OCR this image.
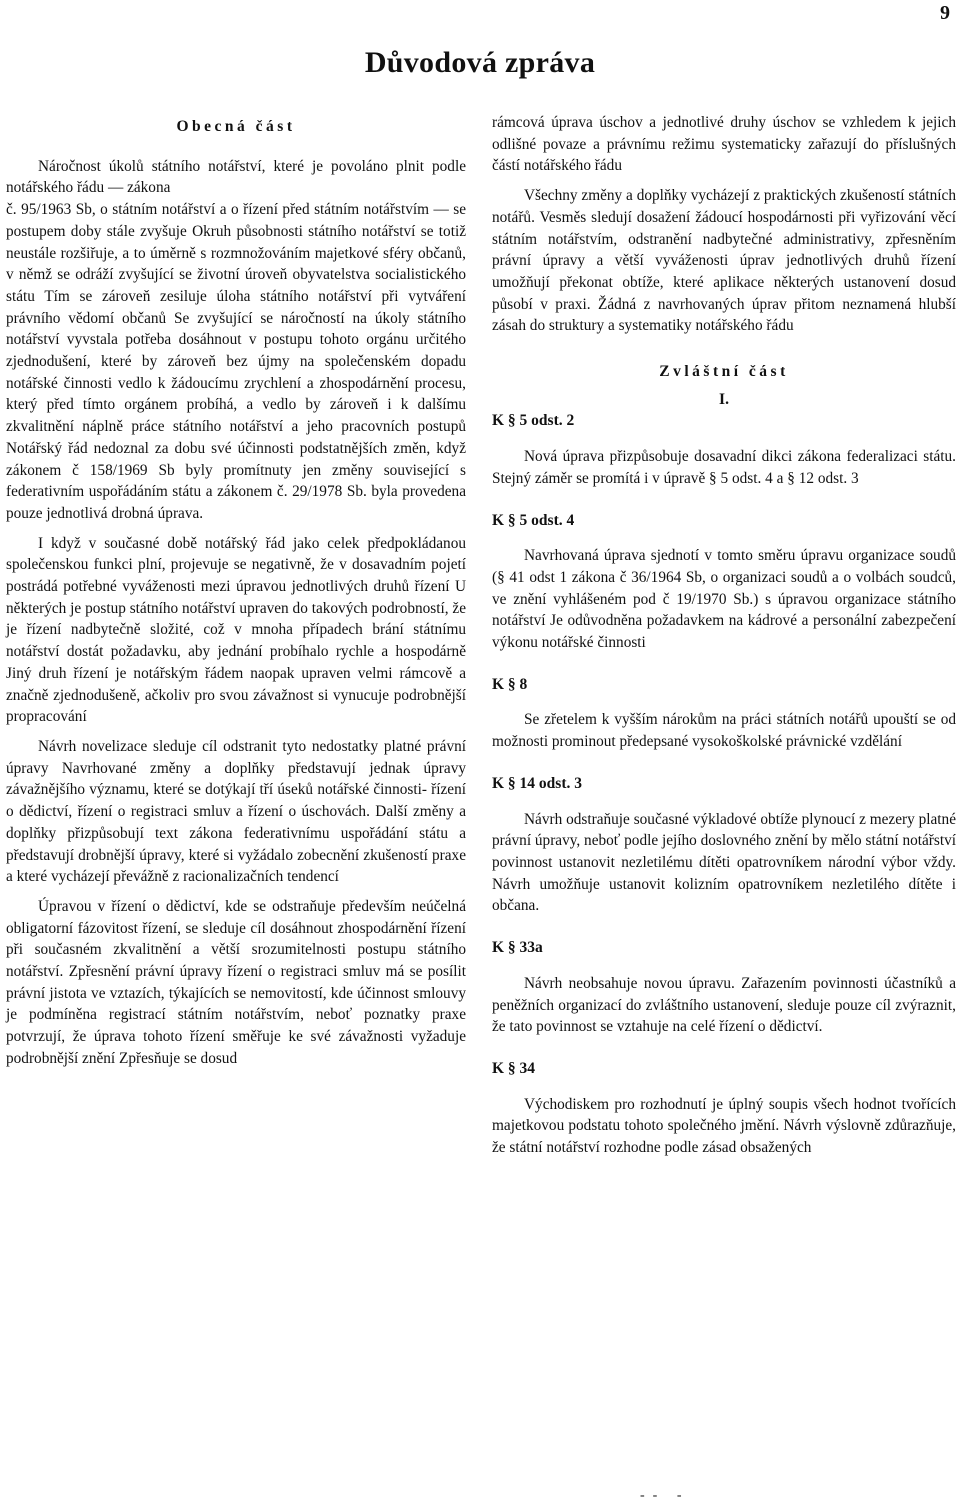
9
Důvodová zpráva
Obecná část

Náročnost úkolů státního notářství, které je povoláno plnit podle notářského řádu — zákona

č. 95/1963 Sb, o státním notářství a o řízení před státním notářstvím — se postupem doby stále zvyšuje Okruh působnosti státního notářství se totiž neustále rozšiřuje, a to úměrně s rozmnožováním majetkové sféry občanů, v němž se odráží zvyšující se životní úroveň obyvatelstva socialistického státu Tím se zároveň zesiluje úloha státního notářství při vytváření právního vědomí občanů Se zvyšující se náročností na úkoly státního notářství vyvstala potřeba dosáhnout v postupu tohoto orgánu určitého zjednodušení, které by zároveň bez újmy na společenském dopadu notářské činnosti vedlo k žádoucímu zrychlení a zhospodárnění procesu, který před tímto orgánem probíhá, a vedlo by zároveň i k dalšímu zkvalitnění náplně práce státního notářství a jeho pracovních postupů Notářský řád nedoznal za dobu své účinnosti podstatnějších změn, když zákonem č 158/1969 Sb byly promítnuty jen změny související s federativním uspořádáním státu a zákonem č. 29/1978 Sb. byla provedena pouze jednotlivá drobná úprava.

I když v současné době notářský řád jako celek předpokládanou společenskou funkci plní, projevuje se negativně, že v dosavadním pojetí postrádá potřebné vyváženosti mezi úpravou jednotlivých druhů řízení U některých je postup státního notářství upraven do takových podrobností, že je řízení nadbytečně složité, což v mnoha případech brání státnímu notářství dostát požadavku, aby jednání probíhalo rychle a hospodárně Jiný druh řízení je notářským řádem naopak upraven velmi rámcově a značně zjednodušeně, ačkoliv pro svou závažnost si vynucuje podrobnější propracování

Návrh novelizace sleduje cíl odstranit tyto nedostatky platné právní úpravy Navrhované změny a doplňky představují jednak úpravy závažnějšího významu, které se dotýkají tří úseků notářské činnosti- řízení o dědictví, řízení o registraci smluv a řízení o úschovách. Další změny a doplňky přizpůsobují text zákona federativnímu uspořádání státu a představují drobnější úpravy, které si vyžádalo zobecnění zkušeností praxe a které vycházejí převážně z racionalizačních tendencí

Úpravou v řízení o dědictví, kde se odstraňuje především neúčelná obligatorní fázovitost řízení, se sleduje cíl dosáhnout zhospodárnění řízení při současném zkvalitnění a větší srozumitelnosti postupu státního notářství. Zpřesnění právní úpravy řízení o registraci smluv má se posílit právní jistota ve vztazích, týkajících se nemovitostí, kde účinnost smlouvy je podmíněna registrací státním notářstvím, neboť poznatky praxe potvrzují, že úprava tohoto řízení směřuje ke své závažnosti vyžaduje podrobnější znění Zpřesňuje se dosud

rámcová úprava úschov a jednotlivé druhy úschov se vzhledem k jejich odlišné povaze a právnímu režimu systematicky zařazují do příslušných částí notářského řádu

Všechny změny a doplňky vycházejí z praktických zkušeností státních notářů. Vesměs sledují dosažení žádoucí hospodárnosti při vyřizování věcí státním notářstvím, odstranění nadbytečné administrativy, zpřesněním právní úpravy a větší vyváženosti úprav jednotlivých druhů řízení umožňují překonat obtíže, které aplikace některých ustanovení dosud působí v praxi. Žádná z navrhovaných úprav přitom neznamená hlubší zásah do struktury a systematiky notářského řádu

Zvláštní část
I.
K § 5 odst. 2

Nová úprava přizpůsobuje dosavadní dikci zákona federalizaci státu. Stejný záměr se promítá i v úpravě § 5 odst. 4 a § 12 odst. 3

K § 5 odst. 4

Navrhovaná úprava sjednotí v tomto směru úpravu organizace soudů (§ 41 odst 1 zákona č 36/1964 Sb, o organizaci soudů a o volbách soudců, ve znění vyhlášeném pod č 19/1970 Sb.) s úpravou organizace státního notářství Je odůvodněna požadavkem na kádrové a personální zabezpečení výkonu notářské činnosti

K § 8

Se zřetelem k vyšším nárokům na práci státních notářů upouští se od možnosti prominout předepsané vysokoškolské právnické vzdělání

K § 14 odst. 3

Návrh odstraňuje současné výkladové obtíže plynoucí z mezery platné právní úpravy, neboť podle jejího doslovného znění by mělo státní notářství povinnost ustanovit nezletilému dítěti opatrovníkem národní výbor vždy. Návrh umožňuje ustanovit kolizním opatrovníkem nezletilého dítěte i občana.

K § 33a

Návrh neobsahuje novou úpravu. Zařazením povinnosti účastníků a peněžních organizací do zvláštního ustanovení, sleduje pouze cíl zvýraznit, že tato povinnost se vztahuje na celé řízení o dědictví.

K § 34

Východiskem pro rozhodnutí je úplný soupis všech hodnot tvořících majetkovou podstatu tohoto společného jmění. Návrh výslovně zdůrazňuje, že státní notářství rozhodne podle zásad obsažených

-- -
